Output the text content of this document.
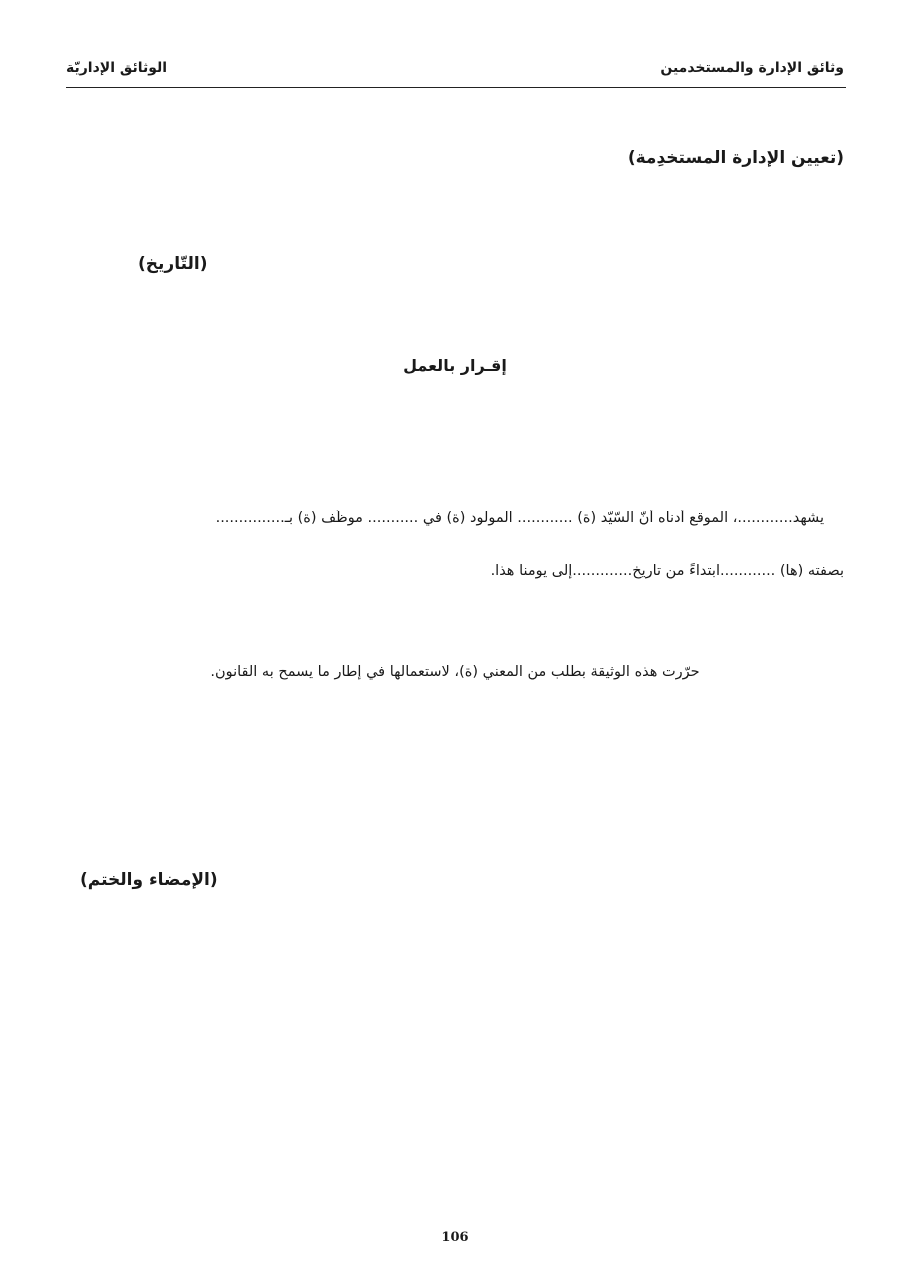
الوثائق الإداريّة	وثائق الإدارة والمستخدمين
(تعيين الإدارة المستخدِمة)
(التّاريخ)
إقـرار بالعمل
يشهد............، الموقع أدناه أنّ السّيّد (ة) ............ المولود (ة) في ........... موظّف (ة) بـ...............
بصفته (ها) ............ابتداءً من تاريخ.............إلى يومنا هذا.
حرّرت هذه الوثيقة بطلب من المعني (ة)، لاستعمالها في إطار ما يسمح به القانون.
(الإمضاء والختم)
106
